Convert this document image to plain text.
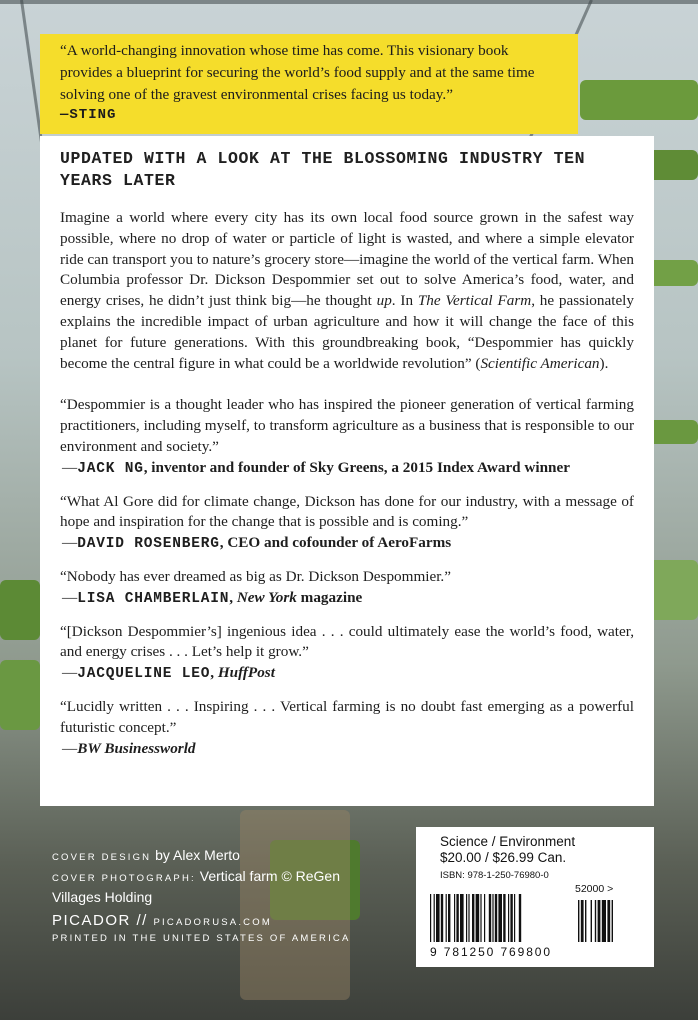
“A world-changing innovation whose time has come. This visionary book provides a blueprint for securing the world’s food supply and at the same time solving one of the gravest environmental crises facing us today.”
—STING
UPDATED WITH A LOOK AT THE BLOSSOMING INDUSTRY TEN YEARS LATER
Imagine a world where every city has its own local food source grown in the safest way possible, where no drop of water or particle of light is wasted, and where a simple elevator ride can transport you to nature’s grocery store—imagine the world of the vertical farm. When Columbia professor Dr. Dickson Despommier set out to solve America’s food, water, and energy crises, he didn’t just think big—he thought up. In The Vertical Farm, he passionately explains the incredible impact of urban agriculture and how it will change the face of this planet for future generations. With this groundbreaking book, “Despommier has quickly become the central figure in what could be a worldwide revolution” (Scientific American).
“Despommier is a thought leader who has inspired the pioneer generation of vertical farming practitioners, including myself, to transform agriculture as a business that is responsible to our environment and society.”
—JACK NG, inventor and founder of Sky Greens, a 2015 Index Award winner
“What Al Gore did for climate change, Dickson has done for our industry, with a message of hope and inspiration for the change that is possible and is coming.”
—DAVID ROSENBERG, CEO and cofounder of AeroFarms
“Nobody has ever dreamed as big as Dr. Dickson Despommier.”
—LISA CHAMBERLAIN, New York magazine
“[Dickson Despommier’s] ingenious idea . . . could ultimately ease the world’s food, water, and energy crises . . . Let’s help it grow.”
—JACQUELINE LEO, HuffPost
“Lucidly written . . . Inspiring . . . Vertical farming is no doubt fast emerging as a powerful futuristic concept.”
—BW Businessworld
COVER DESIGN by Alex Merto
COVER PHOTOGRAPH: Vertical farm © ReGen Villages Holding
PICADOR // PICADORUSA.COM
PRINTED IN THE UNITED STATES OF AMERICA
Science / Environment
$20.00 / $26.99 Can.
ISBN: 978-1-250-76980-0
52000 >
9 781250 769800
